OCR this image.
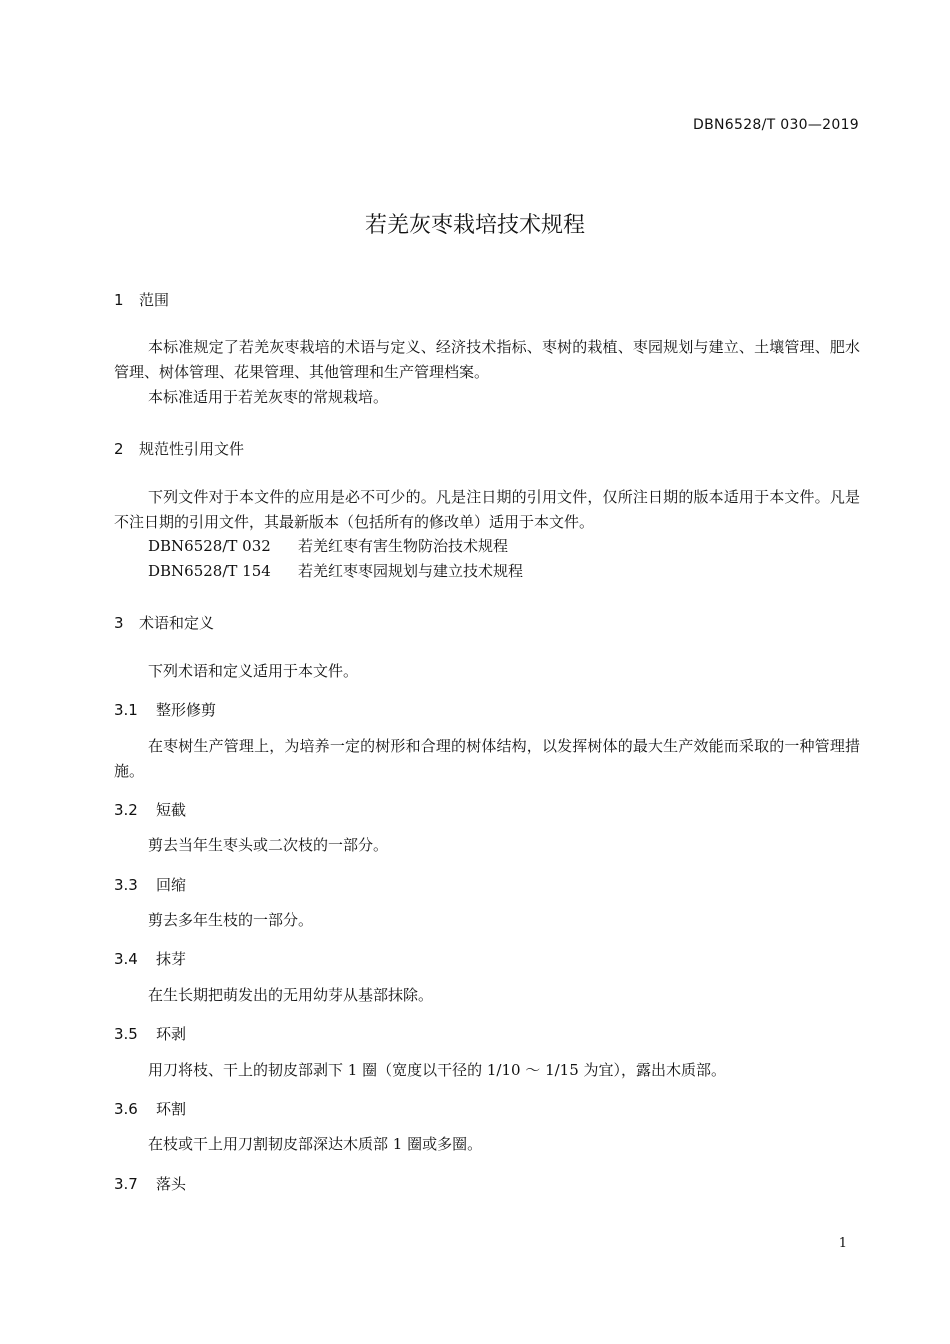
DBN6528/T 030—2019
若羌灰枣栽培技术规程
1 范围
本标准规定了若羌灰枣栽培的术语与定义、经济技术指标、枣树的栽植、枣园规划与建立、土壤管理、肥水管理、树体管理、花果管理、其他管理和生产管理档案。
本标准适用于若羌灰枣的常规栽培。
2 规范性引用文件
下列文件对于本文件的应用是必不可少的。凡是注日期的引用文件，仅所注日期的版本适用于本文件。凡是不注日期的引用文件，其最新版本（包括所有的修改单）适用于本文件。
DBN6528/T 032 若羌红枣有害生物防治技术规程
DBN6528/T 154 若羌红枣枣园规划与建立技术规程
3 术语和定义
下列术语和定义适用于本文件。
3.1 整形修剪
在枣树生产管理上，为培养一定的树形和合理的树体结构，以发挥树体的最大生产效能而采取的一种管理措施。
3.2 短截
剪去当年生枣头或二次枝的一部分。
3.3 回缩
剪去多年生枝的一部分。
3.4 抹芽
在生长期把萌发出的无用幼芽从基部抹除。
3.5 环剥
用刀将枝、干上的韧皮部剥下 1 圈（宽度以干径的 1/10 ～ 1/15 为宜），露出木质部。
3.6 环割
在枝或干上用刀割韧皮部深达木质部 1 圈或多圈。
3.7 落头
1
